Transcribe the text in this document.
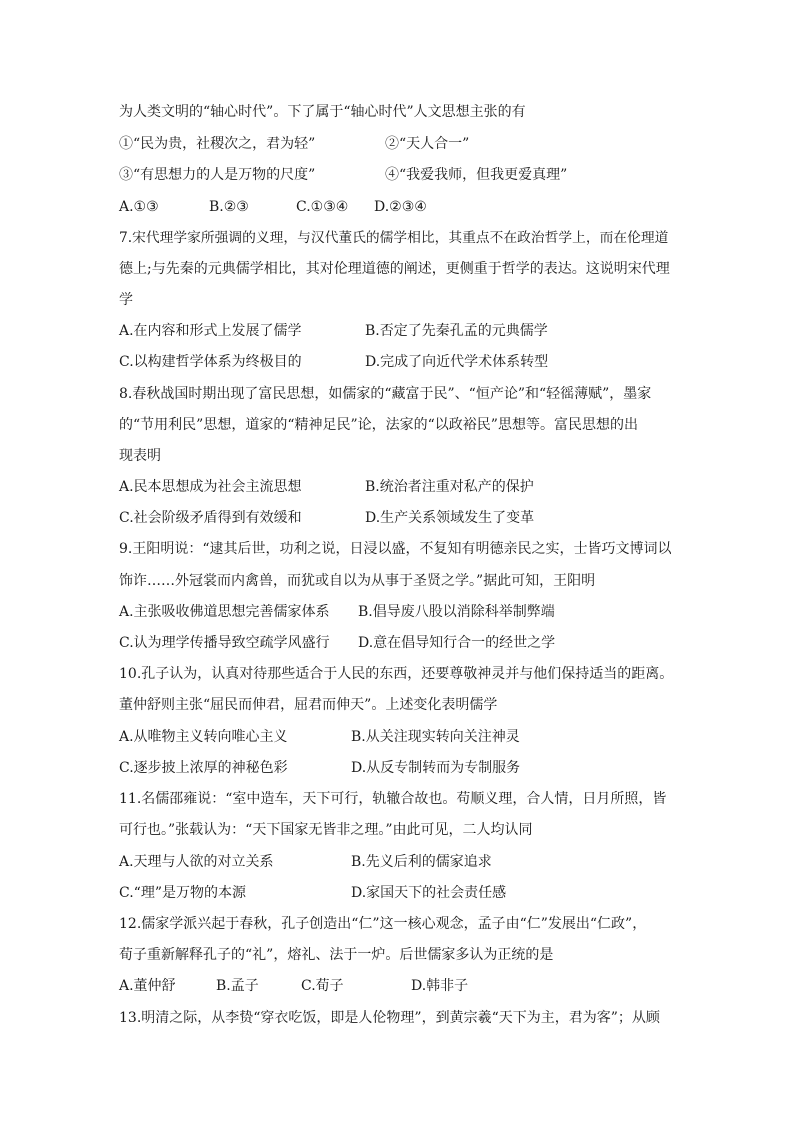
为人类文明的“轴心时代”。下了属于“轴心时代”人文思想主张的有
①“民为贵，社稷次之，君为轻”	②“天人合一”
③“有思想力的人是万物的尺度”	④“我爱我师，但我更爱真理”
A.①③	B.②③	C.①③④ D.②③④
7.宋代理学家所强调的义理，与汉代董氏的儒学相比，其重点不在政治哲学上，而在伦理道
德上;与先秦的元典儒学相比，其对伦理道德的阐述，更侧重于哲学的表达。这说明宋代理
学
A.在内容和形式上发展了儒学	B.否定了先秦孔孟的元典儒学
C.以构建哲学体系为终极目的	D.完成了向近代学术体系转型
8.春秋战国时期出现了富民思想，如儒家的“藏富于民”、“恒产论”和“轻徭薄赋”，墨家
的“节用利民”思想，道家的“精神足民”论，法家的“以政裕民”思想等。富民思想的出
现表明
A.民本思想成为社会主流思想	B.统治者注重对私产的保护
C.社会阶级矛盾得到有效缓和	D.生产关系领域发生了变革
9.王阳明说：“逮其后世，功利之说，日浸以盛，不复知有明德亲民之实，士皆巧文博词以
饰诈……外冠裳而内禽兽，而犹或自以为从事于圣贤之学。”据此可知，王阳明
A.主张吸收佛道思想完善儒家体系 B.倡导废八股以消除科举制弊端
C.认为理学传播导致空疏学风盛行 D.意在倡导知行合一的经世之学
10.孔子认为，认真对待那些适合于人民的东西，还要尊敬神灵并与他们保持适当的距离。
董仲舒则主张“屈民而伸君，屈君而伸天”。上述变化表明儒学
A.从唯物主义转向唯心主义	B.从关注现实转向关注神灵
C.逐步披上浓厚的神秘色彩	D.从反专制转而为专制服务
11.名儒邵雍说：“室中造车，天下可行，轨辙合故也。苟顺义理，合人情，日月所照，皆
可行也。”张载认为：“天下国家无皆非之理。”由此可见，二人均认同
A.天理与人欲的对立关系	B.先义后利的儒家追求
C.“理”是万物的本源	D.家国天下的社会责任感
12.儒家学派兴起于春秋，孔子创造出“仁”这一核心观念，孟子由“仁”发展出“仁政”，
荀子重新解释孔子的“礼”，熔礼、法于一炉。后世儒家多认为正统的是
A.董仲舒	B.孟子	C.荀子	D.韩非子
13.明清之际，从李贽“穿衣吃饭，即是人伦物理”，到黄宗羲“天下为主，君为客”；从顾
